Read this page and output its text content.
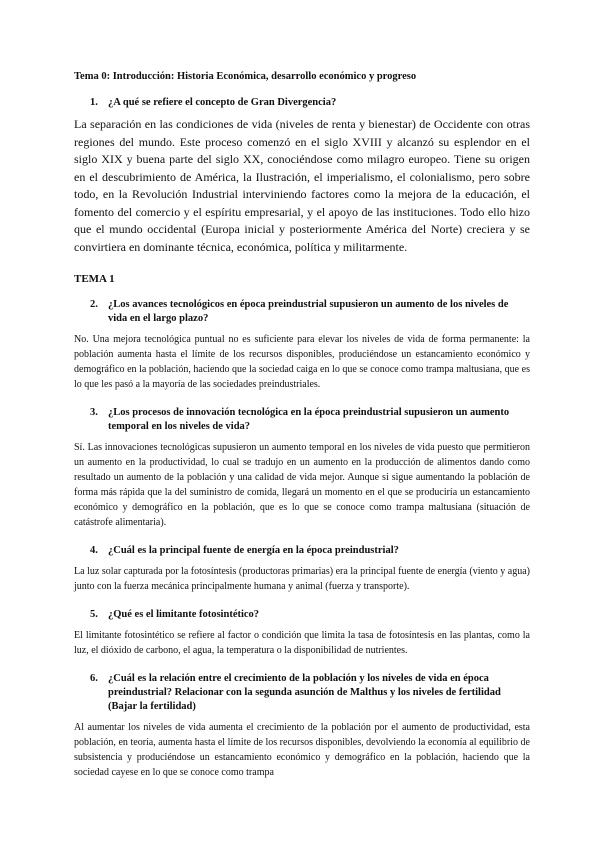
Tema 0: Introducción: Historia Económica, desarrollo económico y progreso
1. ¿A qué se refiere el concepto de Gran Divergencia?

La separación en las condiciones de vida (niveles de renta y bienestar) de Occidente con otras regiones del mundo. Este proceso comenzó en el siglo XVIII y alcanzó su esplendor en el siglo XIX y buena parte del siglo XX, conociéndose como milagro europeo. Tiene su origen en el descubrimiento de América, la Ilustración, el imperialismo, el colonialismo, pero sobre todo, en la Revolución Industrial interviniendo factores como la mejora de la educación, el fomento del comercio y el espíritu empresarial, y el apoyo de las instituciones. Todo ello hizo que el mundo occidental (Europa inicial y posteriormente América del Norte) creciera y se convirtiera en dominante técnica, económica, política y militarmente.

TEMA 1
2. ¿Los avances tecnológicos en época preindustrial supusieron un aumento de los niveles de vida en el largo plazo?

No. Una mejora tecnológica puntual no es suficiente para elevar los niveles de vida de forma permanente: la población aumenta hasta el límite de los recursos disponibles, produciéndose un estancamiento económico y demográfico en la población, haciendo que la sociedad caiga en lo que se conoce como trampa maltusiana, que es lo que les pasó a la mayoría de las sociedades preindustriales.

3. ¿Los procesos de innovación tecnológica en la época preindustrial supusieron un aumento temporal en los niveles de vida?

Sí. Las innovaciones tecnológicas supusieron un aumento temporal en los niveles de vida puesto que permitieron un aumento en la productividad, lo cual se tradujo en un aumento en la producción de alimentos dando como resultado un aumento de la población y una calidad de vida mejor. Aunque si sigue aumentando la población de forma más rápida que la del suministro de comida, llegará un momento en el que se produciría un estancamiento económico y demográfico en la población, que es lo que se conoce como trampa maltusiana (situación de catástrofe alimentaria).

4. ¿Cuál es la principal fuente de energía en la época preindustrial?

La luz solar capturada por la fotosíntesis (productoras primarias) era la principal fuente de energía (viento y agua) junto con la fuerza mecánica principalmente humana y animal (fuerza y transporte).

5. ¿Qué es el limitante fotosintético?

El limitante fotosintético se refiere al factor o condición que limita la tasa de fotosíntesis en las plantas, como la luz, el dióxido de carbono, el agua, la temperatura o la disponibilidad de nutrientes.

6. ¿Cuál es la relación entre el crecimiento de la población y los niveles de vida en época preindustrial? Relacionar con la segunda asunción de Malthus y los niveles de fertilidad (Bajar la fertilidad)

Al aumentar los niveles de vida aumenta el crecimiento de la población por el aumento de productividad, esta población, en teoría, aumenta hasta el límite de los recursos disponibles, devolviendo la economía al equilibrio de subsistencia y produciéndose un estancamiento económico y demográfico en la población, haciendo que la sociedad cayese en lo que se conoce como trampa
